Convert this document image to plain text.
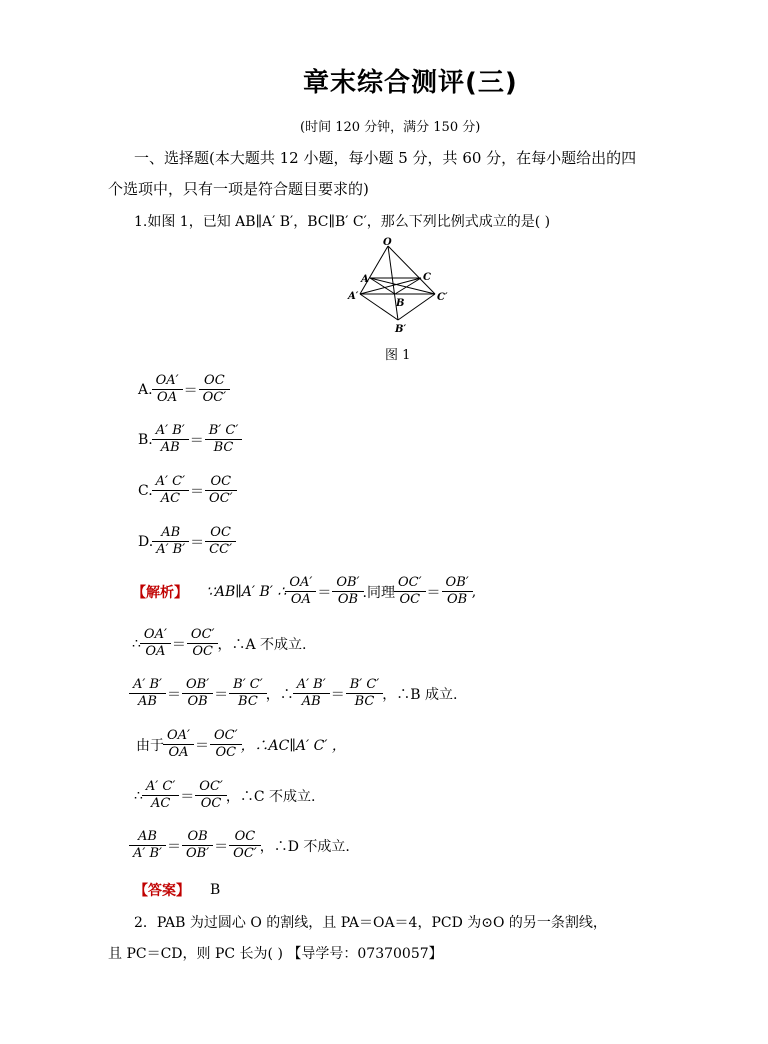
章末综合测评(三)
(时间 120 分钟，满分 150 分)
一、选择题(本大题共 12 小题，每小题 5 分，共 60 分，在每小题给出的四
个选项中，只有一项是符合题目要求的)
1.如图 1，已知 AB∥A′ B′，BC∥B′ C′，那么下列比例式成立的是( )
O
A	C
A′
B
C′
B′
图 1
A. $\frac{OA'}{OA} = \frac{OC}{OC'}$
B. $\frac{A' B'}{AB} = \frac{B' C'}{BC}$
C. $\frac{A' C'}{AC} = \frac{OC}{OC'}$
D. $\frac{AB}{A' B'} = \frac{OC}{CC'}$
【解析】 ∵AB∥A′ B′ ∴ $\frac{OA'}{OA} = \frac{OB'}{OB}$ .同理 $\frac{OC'}{OC} = \frac{OB'}{OB}$ ,
∴ $\frac{OA'}{OA} = \frac{OC'}{OC}$ ，∴A 不成立.
$\frac{A' B'}{AB} = \frac{OB'}{OB} = \frac{B' C'}{BC}$ ，∴ $\frac{A' B'}{AB} = \frac{B' C'}{BC}$ ，∴B 成立.
由于 $\frac{OA'}{OA} = \frac{OC'}{OC}$ ，∴AC∥A′ C′ ，
∴ $\frac{A' C'}{AC} = \frac{OC'}{OC}$ ，∴C 不成立.
$\frac{AB}{A' B'} = \frac{OB}{OB'} = \frac{OC}{OC'}$ ，∴D 不成立.
【答案】 B
2．PAB 为过圆心 O 的割线，且 PA＝OA＝4，PCD 为⊙O 的另一条割线，
且 PC＝CD，则 PC 长为( ) 【导学号：07370057】
